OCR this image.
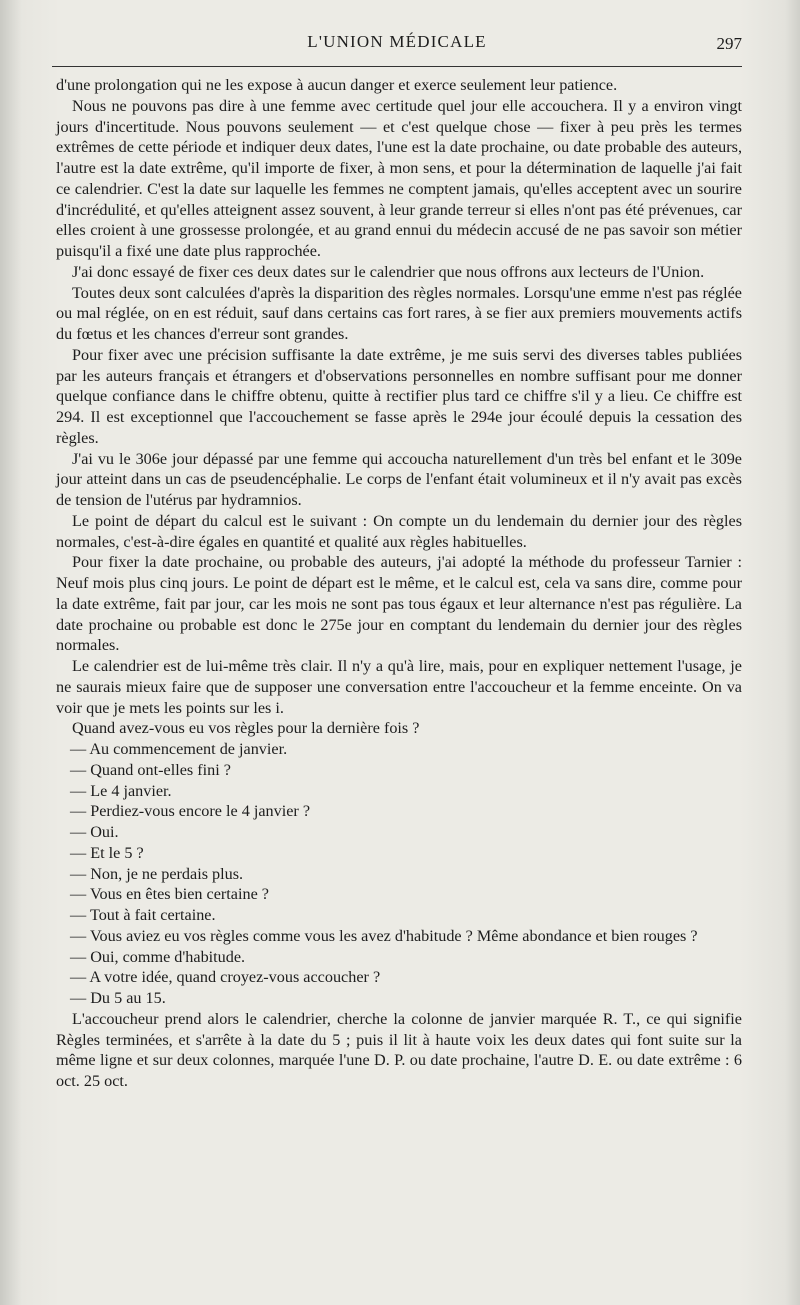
L'UNION MÉDICALE	297

d'une prolongation qui ne les expose à aucun danger et exerce seulement leur patience.

Nous ne pouvons pas dire à une femme avec certitude quel jour elle accouchera. Il y a environ vingt jours d'incertitude. Nous pouvons seulement — et c'est quelque chose — fixer à peu près les termes extrêmes de cette période et indiquer deux dates, l'une est la date prochaine, ou date probable des auteurs, l'autre est la date extrême, qu'il importe de fixer, à mon sens, et pour la détermination de laquelle j'ai fait ce calendrier. C'est la date sur laquelle les femmes ne comptent jamais, qu'elles acceptent avec un sourire d'incrédulité, et qu'elles atteignent assez souvent, à leur grande terreur si elles n'ont pas été prévenues, car elles croient à une grossesse prolongée, et au grand ennui du médecin accusé de ne pas savoir son métier puisqu'il a fixé une date plus rapprochée.

J'ai donc essayé de fixer ces deux dates sur le calendrier que nous offrons aux lecteurs de l'Union.

Toutes deux sont calculées d'après la disparition des règles normales. Lorsqu'une emme n'est pas réglée ou mal réglée, on en est réduit, sauf dans certains cas fort rares, à se fier aux premiers mouvements actifs du fœtus et les chances d'erreur sont grandes.

Pour fixer avec une précision suffisante la date extrême, je me suis servi des diverses tables publiées par les auteurs français et étrangers et d'observations personnelles en nombre suffisant pour me donner quelque confiance dans le chiffre obtenu, quitte à rectifier plus tard ce chiffre s'il y a lieu. Ce chiffre est 294. Il est exceptionnel que l'accouchement se fasse après le 294e jour écoulé depuis la cessation des règles.

J'ai vu le 306e jour dépassé par une femme qui accoucha naturellement d'un très bel enfant et le 309e jour atteint dans un cas de pseudencéphalie. Le corps de l'enfant était volumineux et il n'y avait pas excès de tension de l'utérus par hydramnios.

Le point de départ du calcul est le suivant : On compte un du lendemain du dernier jour des règles normales, c'est-à-dire égales en quantité et qualité aux règles habituelles.

Pour fixer la date prochaine, ou probable des auteurs, j'ai adopté la méthode du professeur Tarnier : Neuf mois plus cinq jours. Le point de départ est le même, et le calcul est, cela va sans dire, comme pour la date extrême, fait par jour, car les mois ne sont pas tous égaux et leur alternance n'est pas régulière. La date prochaine ou probable est donc le 275e jour en comptant du lendemain du dernier jour des règles normales.

Le calendrier est de lui-même très clair. Il n'y a qu'à lire, mais, pour en expliquer nettement l'usage, je ne saurais mieux faire que de supposer une conversation entre l'accoucheur et la femme enceinte. On va voir que je mets les points sur les i.

Quand avez-vous eu vos règles pour la dernière fois ?

— Au commencement de janvier.

— Quand ont-elles fini ?

— Le 4 janvier.

— Perdiez-vous encore le 4 janvier ?

— Oui.

— Et le 5 ?

— Non, je ne perdais plus.

— Vous en êtes bien certaine ?

— Tout à fait certaine.

— Vous aviez eu vos règles comme vous les avez d'habitude ? Même abondance et bien rouges ?

— Oui, comme d'habitude.

— A votre idée, quand croyez-vous accoucher ?

— Du 5 au 15.

L'accoucheur prend alors le calendrier, cherche la colonne de janvier marquée R. T., ce qui signifie Règles terminées, et s'arrête à la date du 5 ; puis il lit à haute voix les deux dates qui font suite sur la même ligne et sur deux colonnes, marquée l'une D. P. ou date prochaine, l'autre D. E. ou date extrême : 6 oct. 25 oct.
